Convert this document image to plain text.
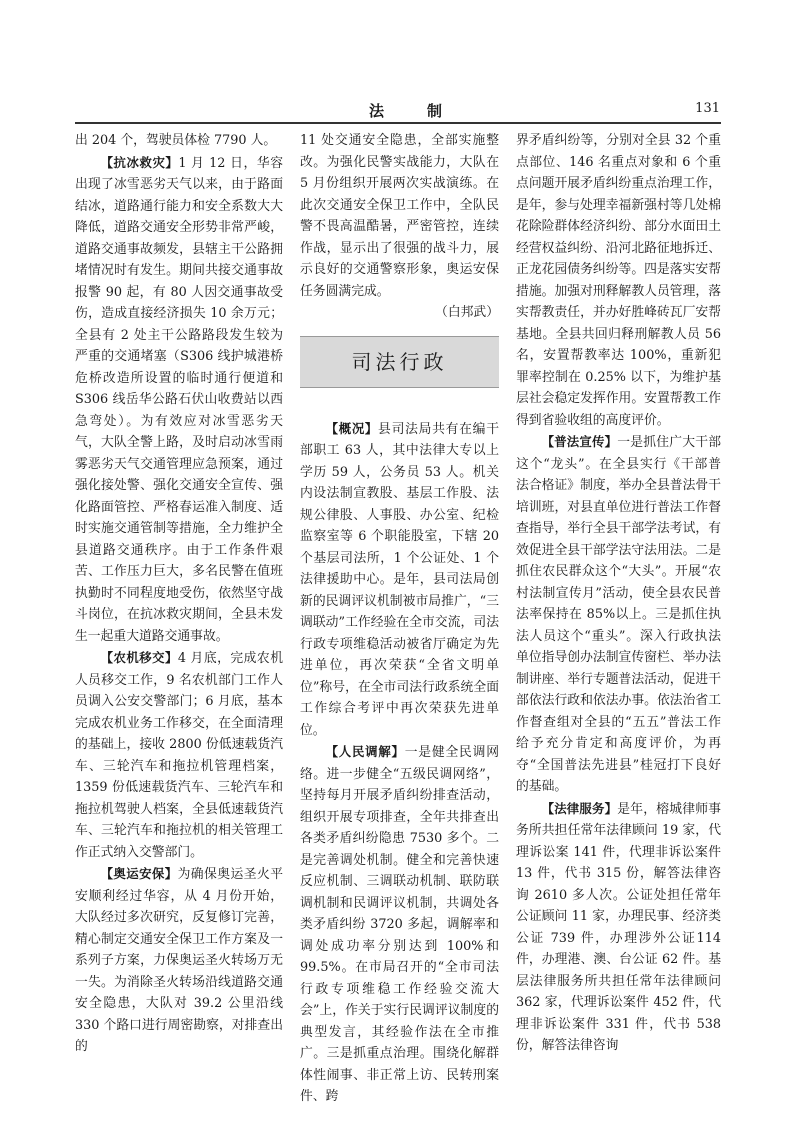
法　制	131

出 204 个，驾驶员体检 7790 人。

【抗冰救灾】1 月 12 日，华容出现了冰雪恶劣天气以来，由于路面结冰，道路通行能力和安全系数大大降低，道路交通安全形势非常严峻，道路交通事故频发，县辖主干公路拥堵情况时有发生。期间共接交通事故报警 90 起，有 80 人因交通事故受伤，造成直接经济损失 10 余万元；全县有 2 处主干公路路段发生较为严重的交通堵塞（S306 线护城港桥危桥改造所设置的临时通行便道和 S306 线岳华公路石伏山收费站以西急弯处）。为有效应对冰雪恶劣天气，大队全警上路，及时启动冰雪雨雾恶劣天气交通管理应急预案，通过强化接处警、强化交通安全宣传、强化路面管控、严格春运准入制度、适时实施交通管制等措施，全力维护全县道路交通秩序。由于工作条件艰苦、工作压力巨大，多名民警在值班执勤时不同程度地受伤，依然坚守战斗岗位，在抗冰救灾期间，全县未发生一起重大道路交通事故。

【农机移交】4 月底，完成农机人员移交工作，9 名农机部门工作人员调入公安交警部门；6 月底，基本完成农机业务工作移交，在全面清理的基础上，接收 2800 份低速载货汽车、三轮汽车和拖拉机管理档案，1359 份低速载货汽车、三轮汽车和拖拉机驾驶人档案，全县低速载货汽车、三轮汽车和拖拉机的相关管理工作正式纳入交警部门。

【奥运安保】为确保奥运圣火平安顺利经过华容，从 4 月份开始，大队经过多次研究，反复修订完善，精心制定交通安全保卫工作方案及一系列子方案，力保奥运圣火转场万无一失。为消除圣火转场沿线道路交通安全隐患，大队对 39.2 公里沿线 330 个路口进行周密勘察，对排查出的

11 处交通安全隐患，全部实施整改。为强化民警实战能力，大队在 5 月份组织开展两次实战演练。在此次交通安全保卫工作中，全队民警不畏高温酷暑，严密管控，连续作战，显示出了很强的战斗力，展示良好的交通警察形象，奥运安保任务圆满完成。

（白邦武）

司法行政

【概况】县司法局共有在编干部职工 63 人，其中法律大专以上学历 59 人，公务员 53 人。机关内设法制宣教股、基层工作股、法规公律股、人事股、办公室、纪检监察室等 6 个职能股室，下辖 20 个基层司法所，1 个公证处、1 个法律援助中心。是年，县司法局创新的民调评议机制被市局推广，“三调联动”工作经验在全市交流，司法行政专项维稳活动被省厅确定为先进单位，再次荣获“全省文明单位”称号，在全市司法行政系统全面工作综合考评中再次荣获先进单位。

【人民调解】一是健全民调网络。进一步健全“五级民调网络”，坚持每月开展矛盾纠纷排查活动，组织开展专项排查，全年共排查出各类矛盾纠纷隐患 7530 多个。二是完善调处机制。健全和完善快速反应机制、三调联动机制、联防联调机制和民调评议机制，共调处各类矛盾纠纷 3720 多起，调解率和调处成功率分别达到 100%和 99.5%。在市局召开的“全市司法行政专项维稳工作经验交流大会”上，作关于实行民调评议制度的典型发言，其经验作法在全市推广。三是抓重点治理。围绕化解群体性闹事、非正常上访、民转刑案件、跨

界矛盾纠纷等，分别对全县 32 个重点部位、146 名重点对象和 6 个重点问题开展矛盾纠纷重点治理工作，是年，参与处理幸福新强村等几处棉花除险群体经济纠纷、部分水面田土经营权益纠纷、沿河北路征地拆迁、正龙花园债务纠纷等。四是落实安帮措施。加强对刑释解教人员管理，落实帮教责任，并办好胜峰砖瓦厂安帮基地。全县共回归释刑解教人员 56 名，安置帮教率达 100%，重新犯罪率控制在 0.25% 以下，为维护基层社会稳定发挥作用。安置帮教工作得到省验收组的高度评价。

【普法宣传】一是抓住广大干部这个“龙头”。在全县实行《干部普法合格证》制度，举办全县普法骨干培训班，对县直单位进行普法工作督查指导，举行全县干部学法考试，有效促进全县干部学法守法用法。二是抓住农民群众这个“大头”。开展“农村法制宣传月”活动，使全县农民普法率保持在 85%以上。三是抓住执法人员这个“重头”。深入行政执法单位指导创办法制宣传窗栏、举办法制讲座、举行专题普法活动，促进干部依法行政和依法办事。依法治省工作督查组对全县的“五五”普法工作给予充分肯定和高度评价，为再夺“全国普法先进县”桂冠打下良好的基础。

【法律服务】是年，榕城律师事务所共担任常年法律顾问 19 家，代理诉讼案 141 件，代理非诉讼案件 13 件，代书 315 份，解答法律咨询 2610 多人次。公证处担任常年公证顾问 11 家，办理民事、经济类公证 739 件，办理涉外公证114 件，办理港、澳、台公证 62 件。基层法律服务所共担任常年法律顾问 362 家，代理诉讼案件 452 件，代理非诉讼案件 331 件，代书 538 份，解答法律咨询
